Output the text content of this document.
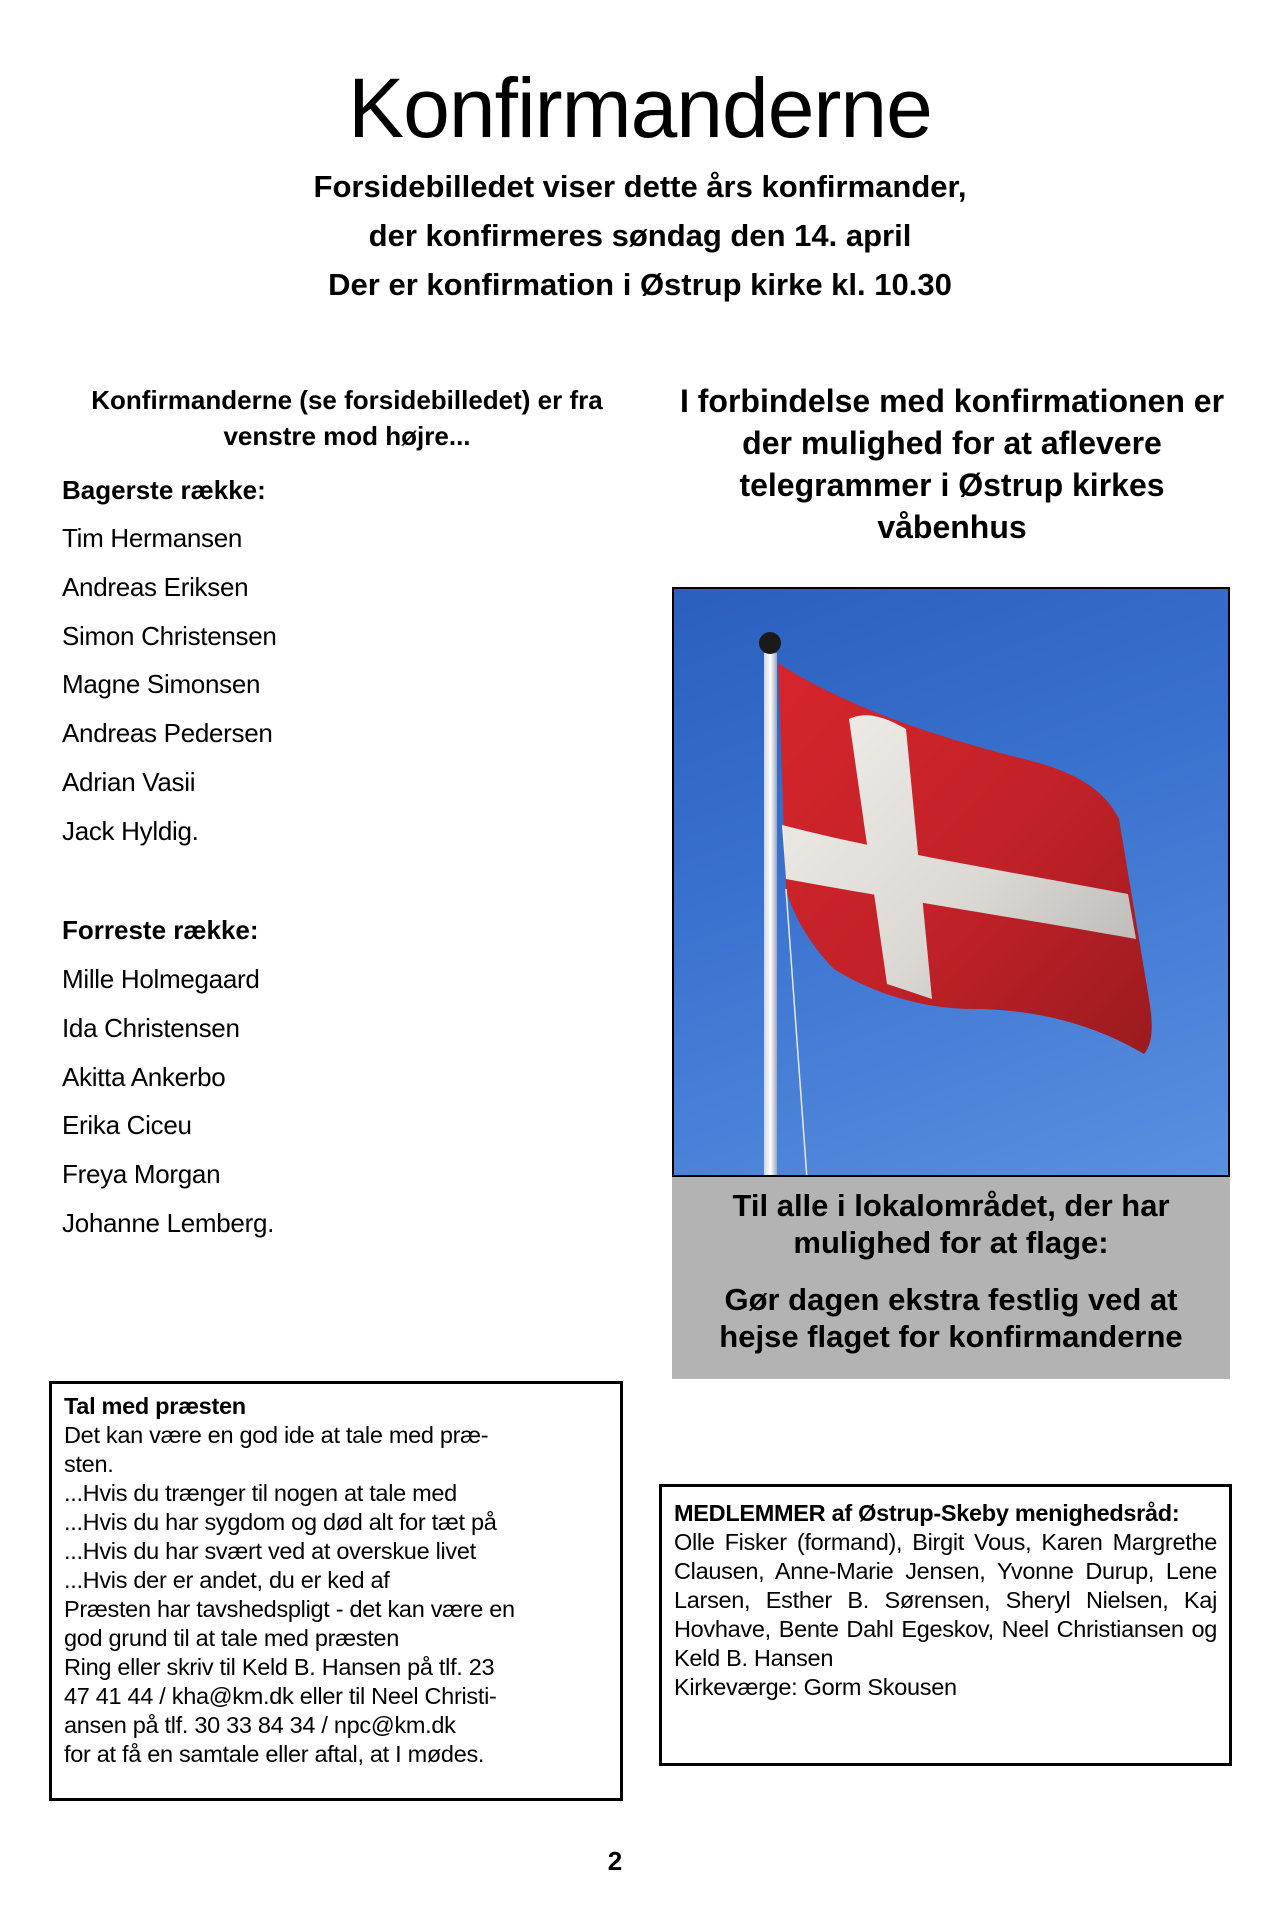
Konfirmanderne
Forsidebilledet viser dette års konfirmander,
der konfirmeres søndag den 14. april
Der er konfirmation i Østrup kirke kl. 10.30
Konfirmanderne (se forsidebilledet) er fra venstre mod højre...
Bagerste række:
Tim Hermansen
Andreas Eriksen
Simon Christensen
Magne Simonsen
Andreas Pedersen
Adrian Vasii
Jack Hyldig.
Forreste række:
Mille Holmegaard
Ida Christensen
Akitta Ankerbo
Erika Ciceu
Freya Morgan
Johanne Lemberg.
I forbindelse med konfirmationen er der mulighed for at aflevere telegrammer i Østrup kirkes våbenhus
Til alle i lokalområdet, der har mulighed for at flage:
Gør dagen ekstra festlig ved at hejse flaget for konfirmanderne
Tal med præsten
Det kan være en god ide at tale med præ-
sten.
...Hvis du trænger til nogen at tale med
...Hvis du har sygdom og død alt for tæt på
...Hvis du har svært ved at overskue livet
...Hvis der er andet, du er ked af
Præsten har tavshedspligt - det kan være en
god grund til at tale med præsten
Ring eller skriv til Keld B. Hansen på tlf. 23
47 41 44 / kha@km.dk eller til Neel Christi-
ansen på tlf. 30 33 84 34 / npc@km.dk
for at få en samtale eller aftal, at I mødes.
MEDLEMMER af Østrup-Skeby menighedsråd:
Olle Fisker (formand), Birgit Vous, Karen Margrethe Clausen, Anne-Marie Jensen, Yvonne Durup, Lene Larsen, Esther B. Sørensen, Sheryl Nielsen, Kaj Hovhave, Bente Dahl Egeskov, Neel Christiansen og Keld B. Hansen
Kirkeværge: Gorm Skousen
2
